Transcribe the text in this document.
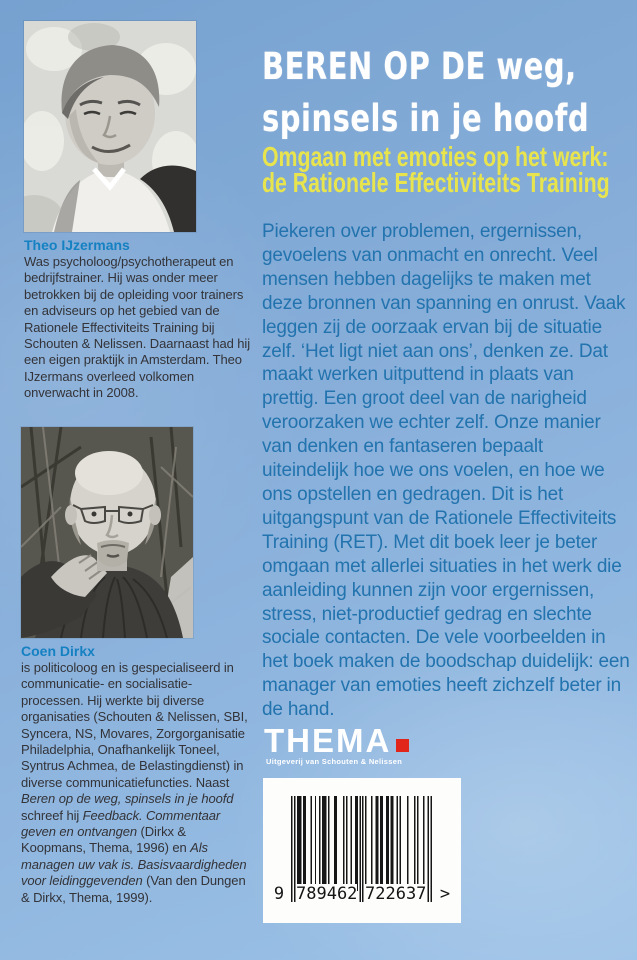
Theo IJzermans

Was psycholoog/psychotherapeut en bedrijfstrainer. Hij was onder meer betrokken bij de opleiding voor trainers en adviseurs op het gebied van de Rationele Effectiviteits Training bij Schouten & Nelissen. Daarnaast had hij een eigen praktijk in Amsterdam. Theo IJzermans overleed volkomen onverwacht in 2008.

Coen Dirkx

is politicoloog en is gespecialiseerd in communicatie- en socialisatie-processen. Hij werkte bij diverse organisaties (Schouten & Nelissen, SBI, Syncera, NS, Movares, Zorgorganisatie Philadelphia, Onafhankelijk Toneel, Syntrus Achmea, de Belastingdienst) in diverse communicatiefuncties. Naast Beren op de weg, spinsels in je hoofd schreef hij Feedback. Commentaar geven en ontvangen (Dirkx & Koopmans, Thema, 1996) en Als managen uw vak is. Basisvaardigheden voor leidinggevenden (Van den Dungen & Dirkx, Thema, 1999).

BEREN OP DE weg,
spinsels in je hoofd
Omgaan met emoties op het werk:
de Rationele Effectiviteits Training

Piekeren over problemen, ergernissen, gevoelens van onmacht en onrecht. Veel mensen hebben dagelijks te maken met deze bronnen van spanning en onrust. Vaak leggen zij de oorzaak ervan bij de situatie zelf. ‘Het ligt niet aan ons’, denken ze. Dat maakt werken uitputtend in plaats van prettig. Een groot deel van de narigheid veroorzaken we echter zelf. Onze manier van denken en fantaseren bepaalt uiteindelijk hoe we ons voelen, en hoe we ons opstellen en gedragen. Dit is het uitgangspunt van de Rationele Effectiviteits Training (RET). Met dit boek leer je beter omgaan met allerlei situaties in het werk die aanleiding kunnen zijn voor ergernissen, stress, niet-productief gedrag en slechte sociale contacten. De vele voorbeelden in het boek maken de boodschap duidelijk: een manager van emoties heeft zichzelf beter in de hand.

THEMA
Uitgeverij van Schouten & Nelissen
9 789462 722637 >
